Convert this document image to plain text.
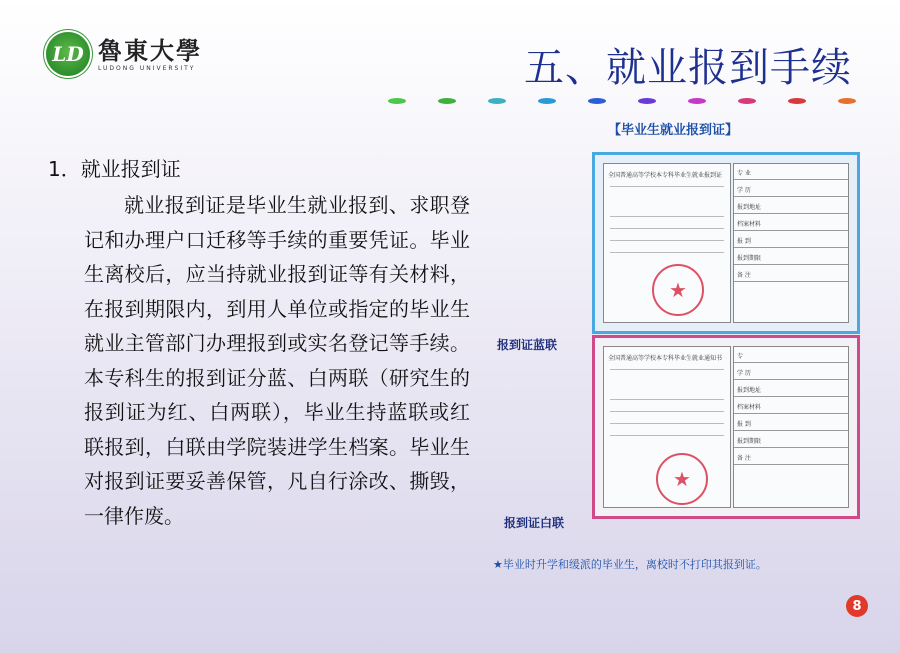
LD 魯東大學
LUDONG UNIVERSITY	五、就业报到手续
【毕业生就业报到证】
1．就业报到证
就业报到证是毕业生就业报到、求职登记和办理户口迁移等手续的重要凭证。毕业生离校后，应当持就业报到证等有关材料，在报到期限内，到用人单位或指定的毕业生就业主管部门办理报到或实名登记等手续。本专科生的报到证分蓝、白两联（研究生的报到证为红、白两联），毕业生持蓝联或红联报到，白联由学院装进学生档案。毕业生对报到证要妥善保管，凡自行涂改、撕毁，一律作废。
全国普通高等学校本专科毕业生就业报到证
★
专 业
学 历
报到地址
档案材料
报 到
报到期限
备 注
全国普通高等学校本专科毕业生就业通知书
★
专
学 历
报到地址
档案材料
报 到
报到期限
备 注
报到证蓝联
报到证白联
★毕业时升学和缓派的毕业生，离校时不打印其报到证。
8
